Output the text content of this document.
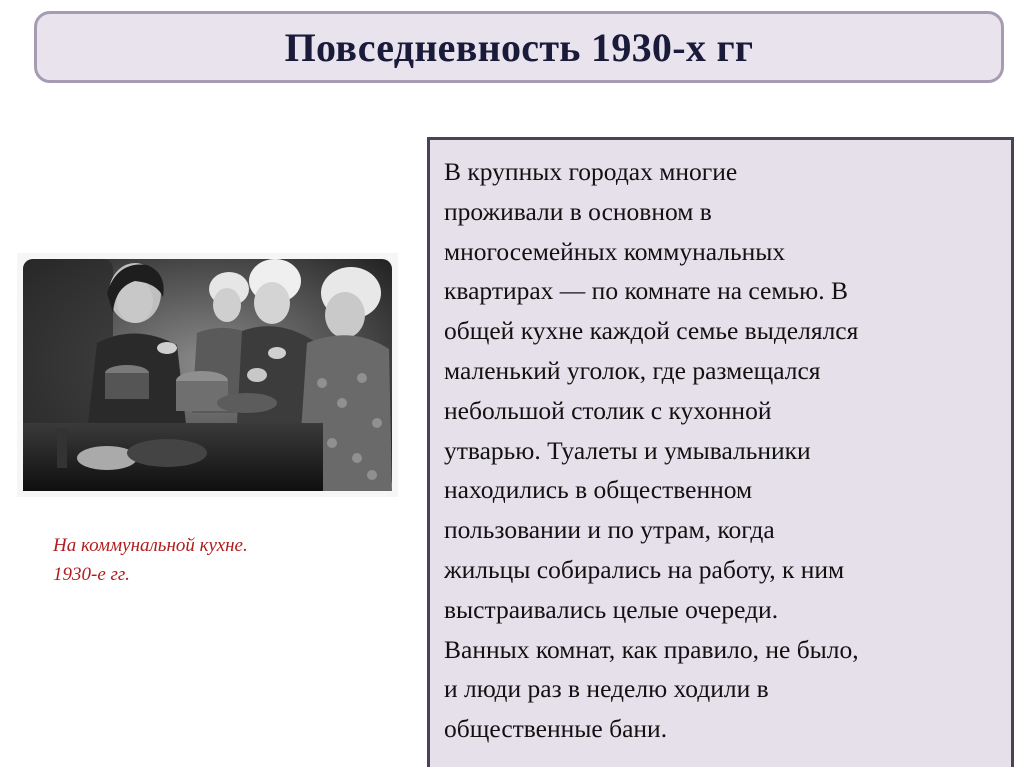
Повседневность 1930-х гг
На коммунальной кухне.
1930-е гг.

В крупных городах многие
проживали в основном в
многосемейных коммунальных
квартирах — по комнате на семью. В
общей кухне каждой семье выделялся
маленький уголок, где размещался
небольшой столик с кухонной
утварью. Туалеты и умывальники
находились в общественном
пользовании и по утрам, когда
жильцы собирались на работу, к ним
выстраивались целые очереди.
Ванных комнат, как правило, не было,
и люди раз в неделю ходили в
общественные бани.
